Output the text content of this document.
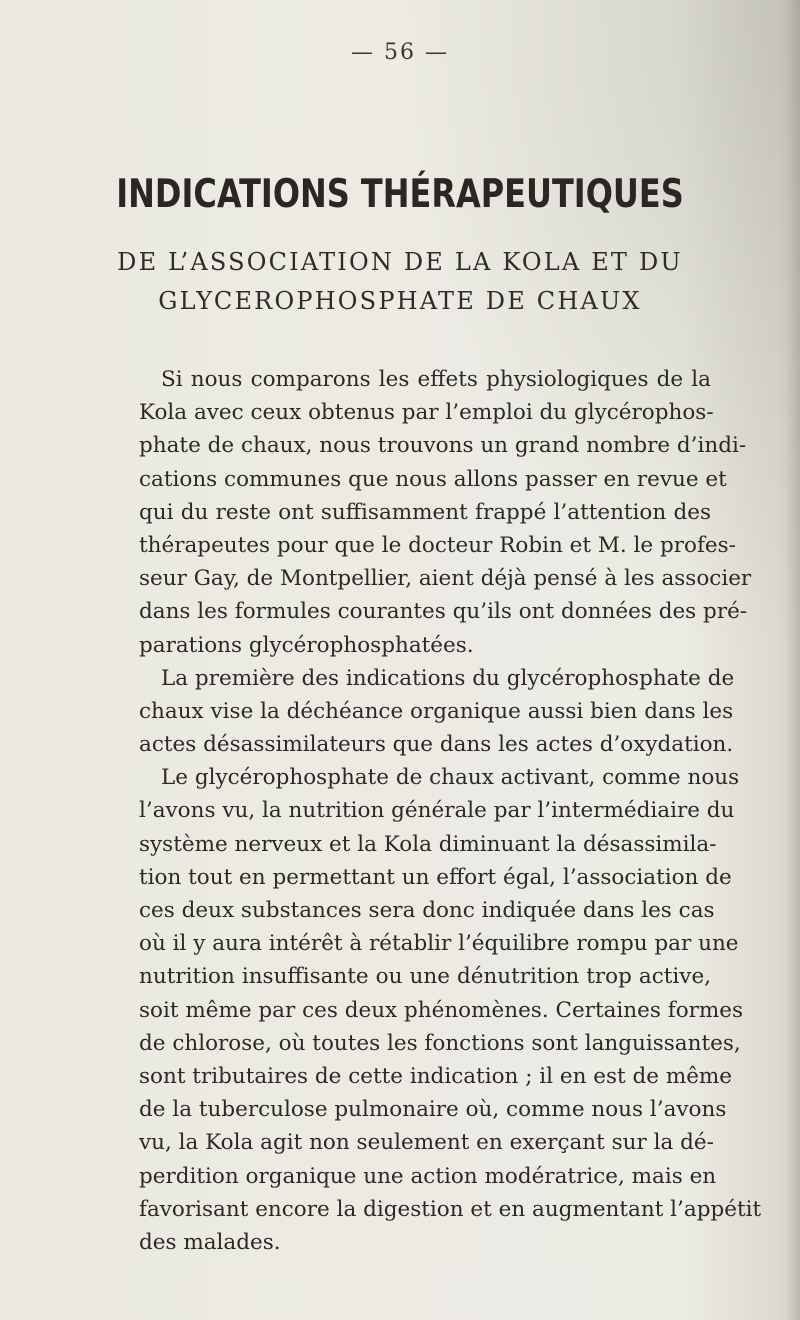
— 56 —
INDICATIONS THÉRAPEUTIQUES
DE L’ASSOCIATION DE LA KOLA ET DU
GLYCEROPHOSPHATE DE CHAUX
Si nous comparons les effets physiologiques de la
Kola avec ceux obtenus par l’emploi du glycérophos-
phate de chaux, nous trouvons un grand nombre d’indi-
cations communes que nous allons passer en revue et
qui du reste ont suffisamment frappé l’attention des
thérapeutes pour que le docteur Robin et M. le profes-
seur Gay, de Montpellier, aient déjà pensé à les associer
dans les formules courantes qu’ils ont données des pré-
parations glycérophosphatées.
La première des indications du glycérophosphate de
chaux vise la déchéance organique aussi bien dans les
actes désassimilateurs que dans les actes d’oxydation.
Le glycérophosphate de chaux activant, comme nous
l’avons vu, la nutrition générale par l’intermédiaire du
système nerveux et la Kola diminuant la désassimila-
tion tout en permettant un effort égal, l’association de
ces deux substances sera donc indiquée dans les cas
où il y aura intérêt à rétablir l’équilibre rompu par une
nutrition insuffisante ou une dénutrition trop active,
soit même par ces deux phénomènes. Certaines formes
de chlorose, où toutes les fonctions sont languissantes,
sont tributaires de cette indication ; il en est de même
de la tuberculose pulmonaire où, comme nous l’avons
vu, la Kola agit non seulement en exerçant sur la dé-
perdition organique une action modératrice, mais en
favorisant encore la digestion et en augmentant l’appétit
des malades.
